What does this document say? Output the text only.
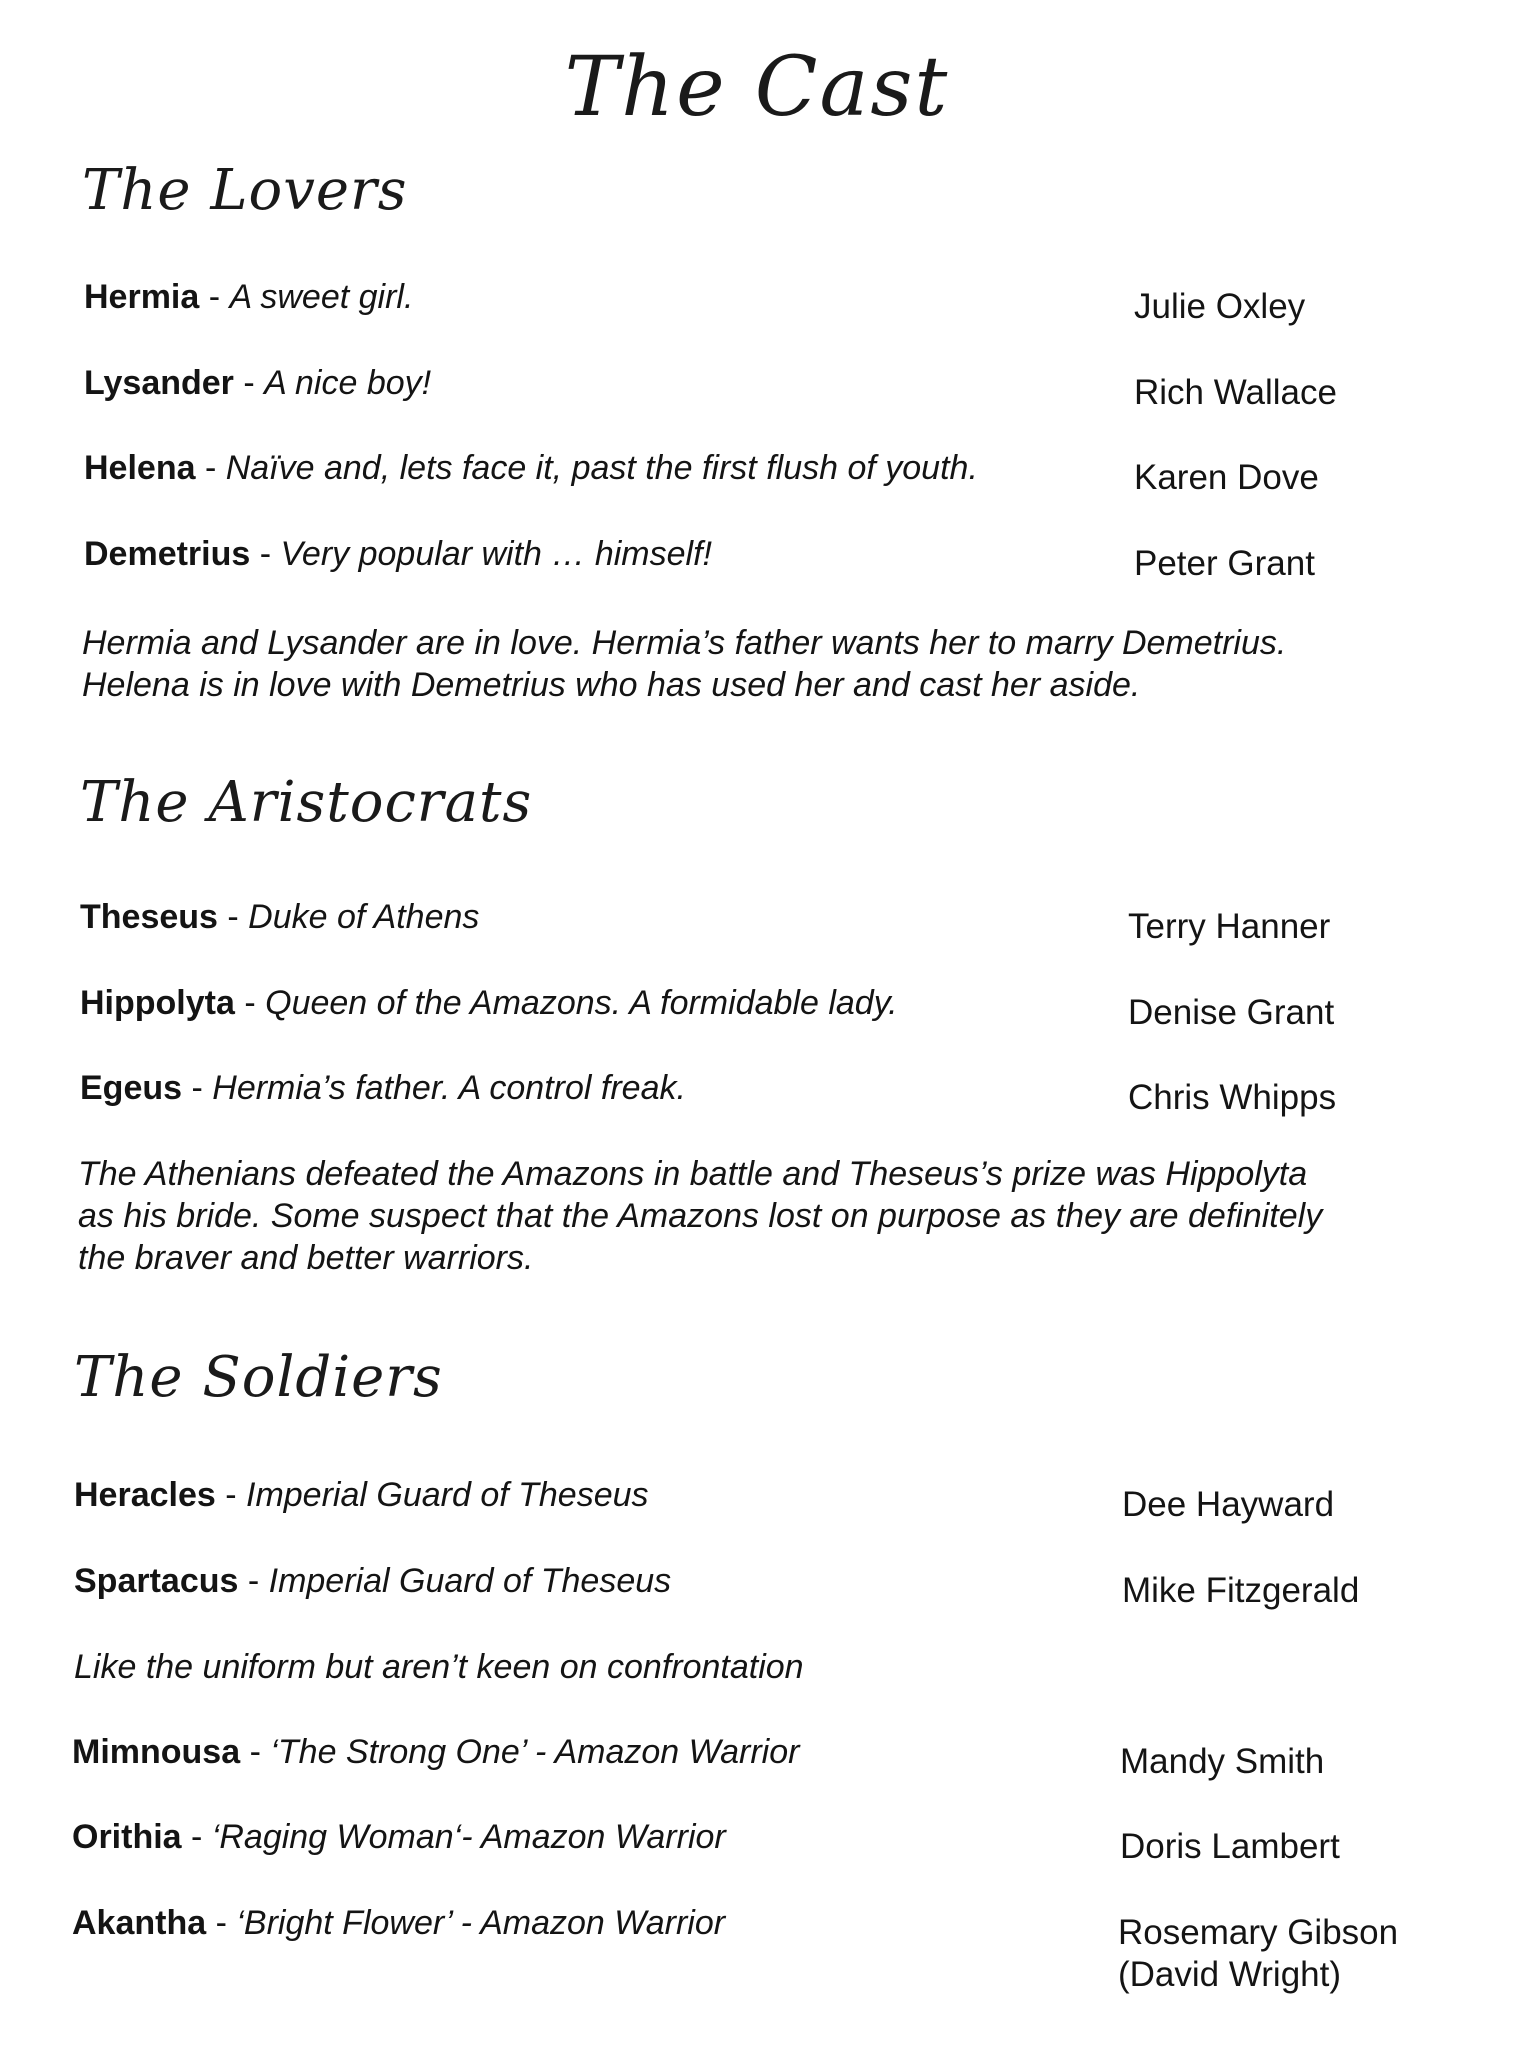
The Cast
The Lovers
Hermia - A sweet girl.	Julie Oxley
Lysander - A nice boy!	Rich Wallace
Helena - Naïve and, lets face it, past the first flush of youth.	Karen Dove
Demetrius - Very popular with … himself!	Peter Grant
Hermia and Lysander are in love. Hermia’s father wants her to marry Demetrius.
Helena is in love with Demetrius who has used her and cast her aside.
The Aristocrats
Theseus - Duke of Athens	Terry Hanner
Hippolyta - Queen of the Amazons. A formidable lady.	Denise Grant
Egeus - Hermia’s father. A control freak.	Chris Whipps
The Athenians defeated the Amazons in battle and Theseus’s prize was Hippolyta
as his bride. Some suspect that the Amazons lost on purpose as they are definitely
the braver and better warriors.
The Soldiers
Heracles - Imperial Guard of Theseus	Dee Hayward
Spartacus - Imperial Guard of Theseus	Mike Fitzgerald
Like the uniform but aren’t keen on confrontation
Mimnousa - ‘The Strong One’ - Amazon Warrior	Mandy Smith
Orithia - ‘Raging Woman‘- Amazon Warrior	Doris Lambert
Akantha - ‘Bright Flower’ - Amazon Warrior	Rosemary Gibson
(David Wright)
